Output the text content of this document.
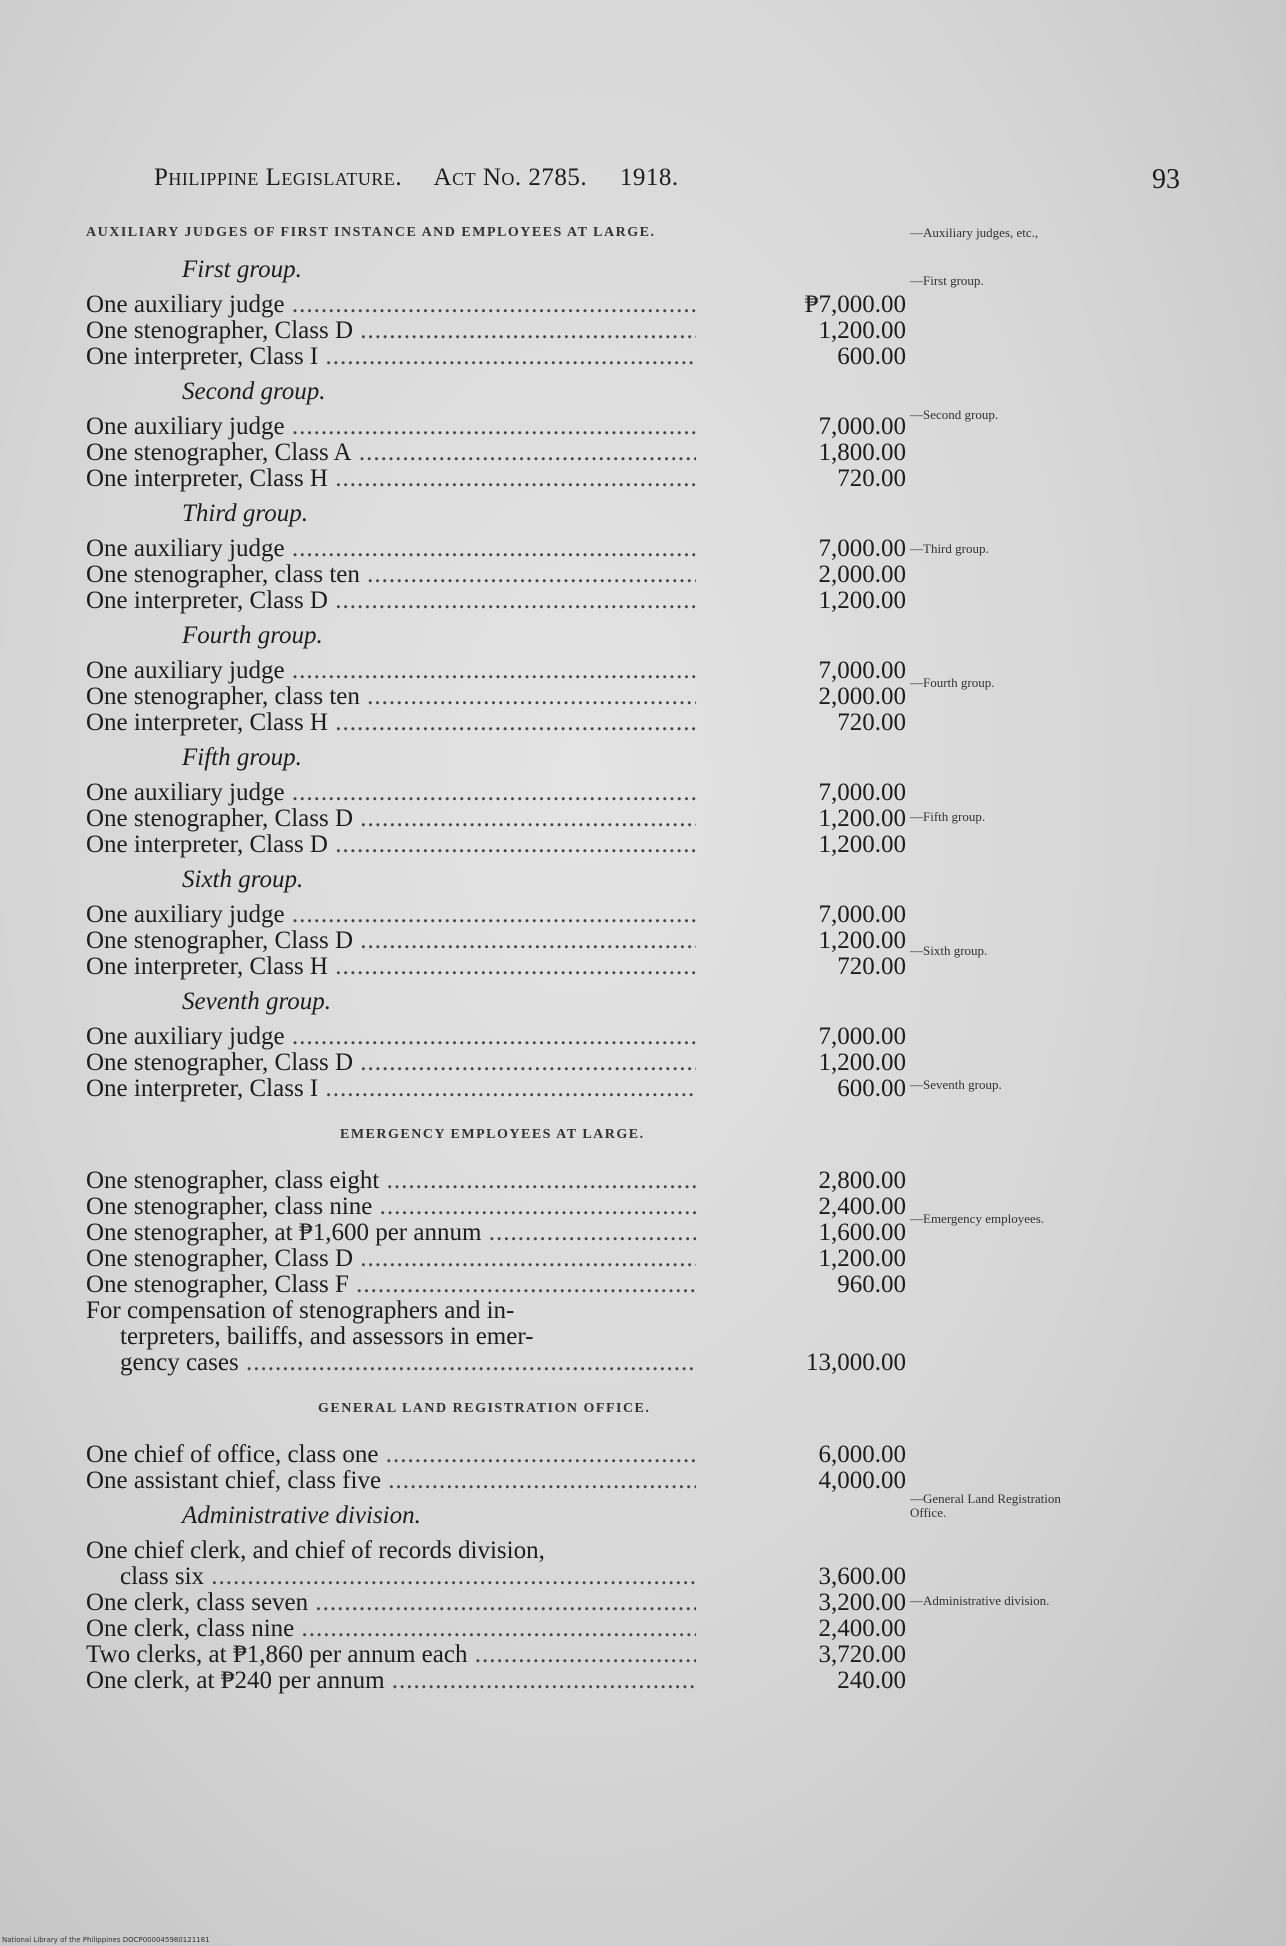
Philippine Legislature. Act No. 2785. 1918.	93
—Auxiliary judges, etc.,
—First group.
—Second group.
—Third group.
—Fourth group.
—Fifth group.
—Sixth group.
—Seventh group.
—Emergency employees.
—General Land Registration Office.
—Administrative division.
AUXILIARY JUDGES OF FIRST INSTANCE AND EMPLOYEES AT LARGE.
First group.
One auxiliary judge .....	₱7,000.00
One stenographer, Class D .....	1,200.00
One interpreter, Class I .....	600.00
Second group.
One auxiliary judge .....	7,000.00
One stenographer, Class A .....	1,800.00
One interpreter, Class H .....	720.00
Third group.
One auxiliary judge .....	7,000.00
One stenographer, class ten .....	2,000.00
One interpreter, Class D .....	1,200.00
Fourth group.
One auxiliary judge .....	7,000.00
One stenographer, class ten .....	2,000.00
One interpreter, Class H .....	720.00
Fifth group.
One auxiliary judge .....	7,000.00
One stenographer, Class D .....	1,200.00
One interpreter, Class D .....	1,200.00
Sixth group.
One auxiliary judge .....	7,000.00
One stenographer, Class D .....	1,200.00
One interpreter, Class H .....	720.00
Seventh group.
One auxiliary judge .....	7,000.00
One stenographer, Class D .....	1,200.00
One interpreter, Class I .....	600.00
EMERGENCY EMPLOYEES AT LARGE.
One stenographer, class eight .....	2,800.00
One stenographer, class nine .....	2,400.00
One stenographer, at ₱1,600 per annum .....	1,600.00
One stenographer, Class D .....	1,200.00
One stenographer, Class F .....	960.00
For compensation of stenographers and in-
terpreters, bailiffs, and assessors in emer-
gency cases .....	13,000.00
GENERAL LAND REGISTRATION OFFICE.
One chief of office, class one .....	6,000.00
One assistant chief, class five .....	4,000.00
Administrative division.
One chief clerk, and chief of records division,
class six .....	3,600.00
One clerk, class seven .....	3,200.00
One clerk, class nine .....	2,400.00
Two clerks, at ₱1,860 per annum each .....	3,720.00
One clerk, at ₱240 per annum .....	240.00
National Library of the Philippines DOCP000045980121181
